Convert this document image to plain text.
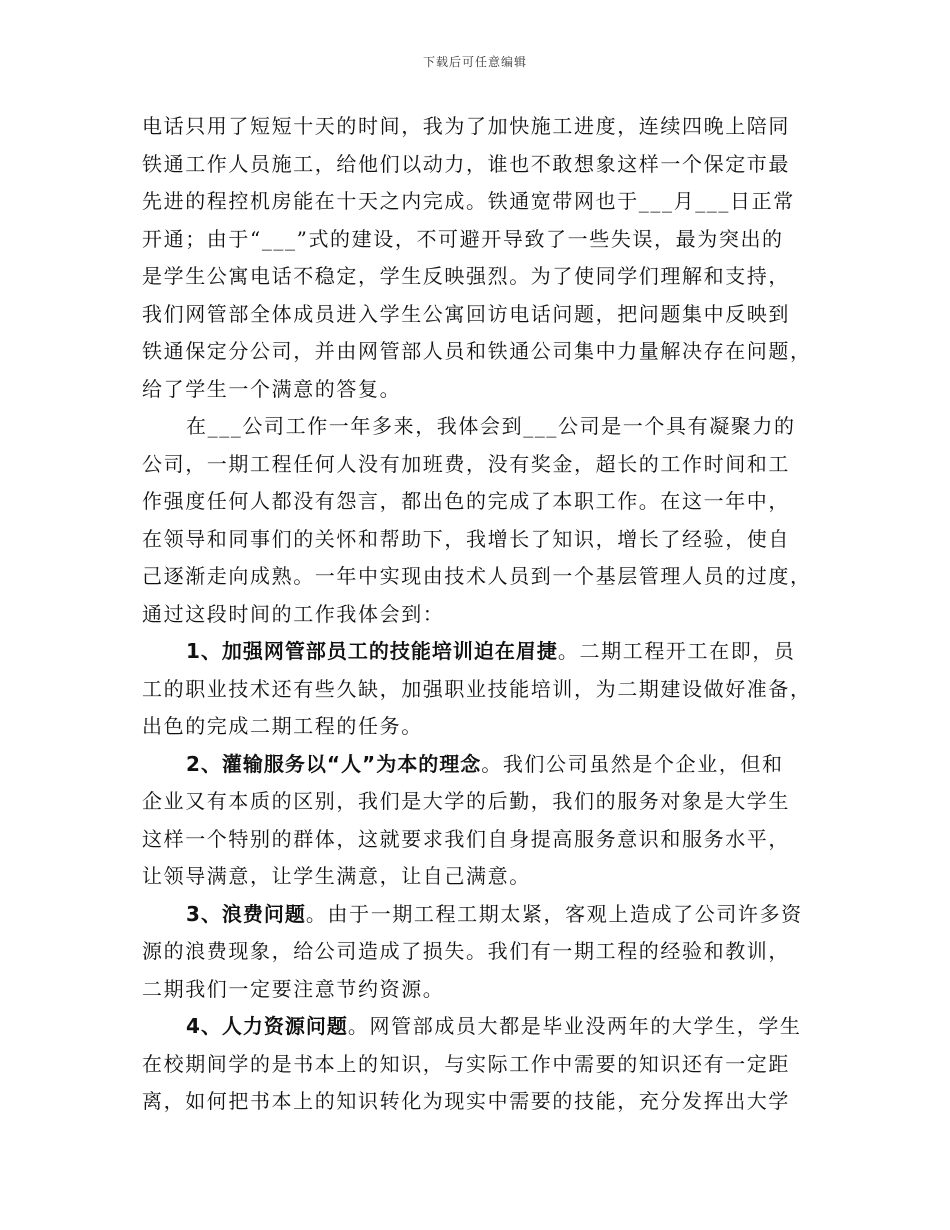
下载后可任意编辑
电话只用了短短十天的时间，我为了加快施工进度，连续四晚上陪同
铁通工作人员施工，给他们以动力，谁也不敢想象这样一个保定市最
先进的程控机房能在十天之内完成。铁通宽带网也于___月___日正常
开通；由于“___”式的建设，不可避开导致了一些失误，最为突出的
是学生公寓电话不稳定，学生反映强烈。为了使同学们理解和支持，
我们网管部全体成员进入学生公寓回访电话问题，把问题集中反映到
铁通保定分公司，并由网管部人员和铁通公司集中力量解决存在问题，
给了学生一个满意的答复。
在___公司工作一年多来，我体会到___公司是一个具有凝聚力的
公司，一期工程任何人没有加班费，没有奖金，超长的工作时间和工
作强度任何人都没有怨言，都出色的完成了本职工作。在这一年中，
在领导和同事们的关怀和帮助下，我增长了知识，增长了经验，使自
己逐渐走向成熟。一年中实现由技术人员到一个基层管理人员的过度，
通过这段时间的工作我体会到：
1、加强网管部员工的技能培训迫在眉捷。二期工程开工在即，员
工的职业技术还有些久缺，加强职业技能培训，为二期建设做好准备，
出色的完成二期工程的任务。
2、灌输服务以“人”为本的理念。我们公司虽然是个企业，但和
企业又有本质的区别，我们是大学的后勤，我们的服务对象是大学生
这样一个特别的群体，这就要求我们自身提高服务意识和服务水平，
让领导满意，让学生满意，让自己满意。
3、浪费问题。由于一期工程工期太紧，客观上造成了公司许多资
源的浪费现象，给公司造成了损失。我们有一期工程的经验和教训，
二期我们一定要注意节约资源。
4、人力资源问题。网管部成员大都是毕业没两年的大学生，学生
在校期间学的是书本上的知识，与实际工作中需要的知识还有一定距
离，如何把书本上的知识转化为现实中需要的技能，充分发挥出大学
